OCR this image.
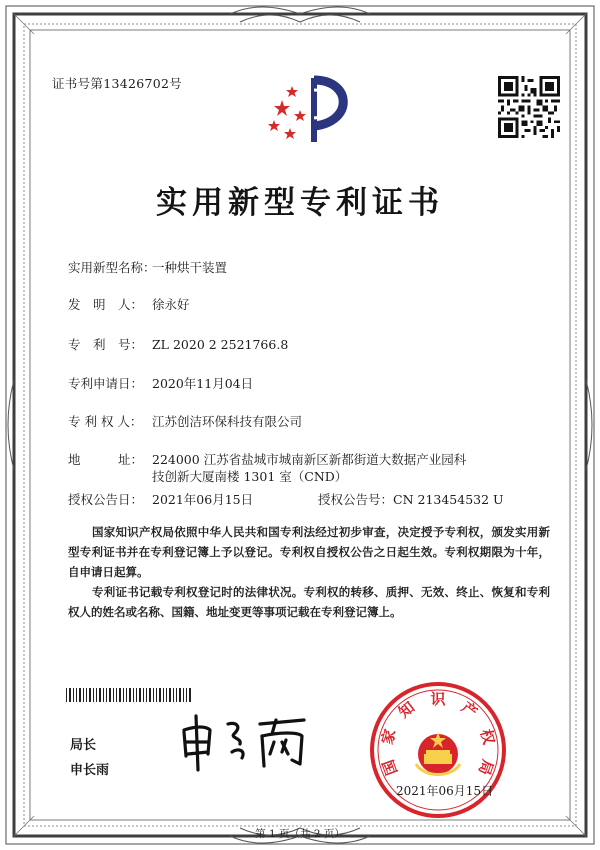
证书号第13426702号
实用新型专利证书
实用新型名称：一种烘干装置
发　明　人： 徐永好
专　利　号： ZL 2020 2 2521766.8
专利申请日： 2020年11月04日
专 利 权 人： 江苏创洁环保科技有限公司
地　　　址： 224000 江苏省盐城市城南新区新都街道大数据产业园科
技创新大厦南楼 1301 室（CND）
授权公告日： 2021年06月15日	授权公告号：CN 213454532 U
国家知识产权局依照中华人民共和国专利法经过初步审查，决定授予专利权，颁发实用新型专利证书并在专利登记簿上予以登记。专利权自授权公告之日起生效。专利权期限为十年，自申请日起算。
专利证书记载专利权登记时的法律状况。专利权的转移、质押、无效、终止、恢复和专利权人的姓名或名称、国籍、地址变更等事项记载在专利登记簿上。
局长
申长雨	国
家
知 识 产
权
局
2021年06月15日
第 1 页（共 2 页）
